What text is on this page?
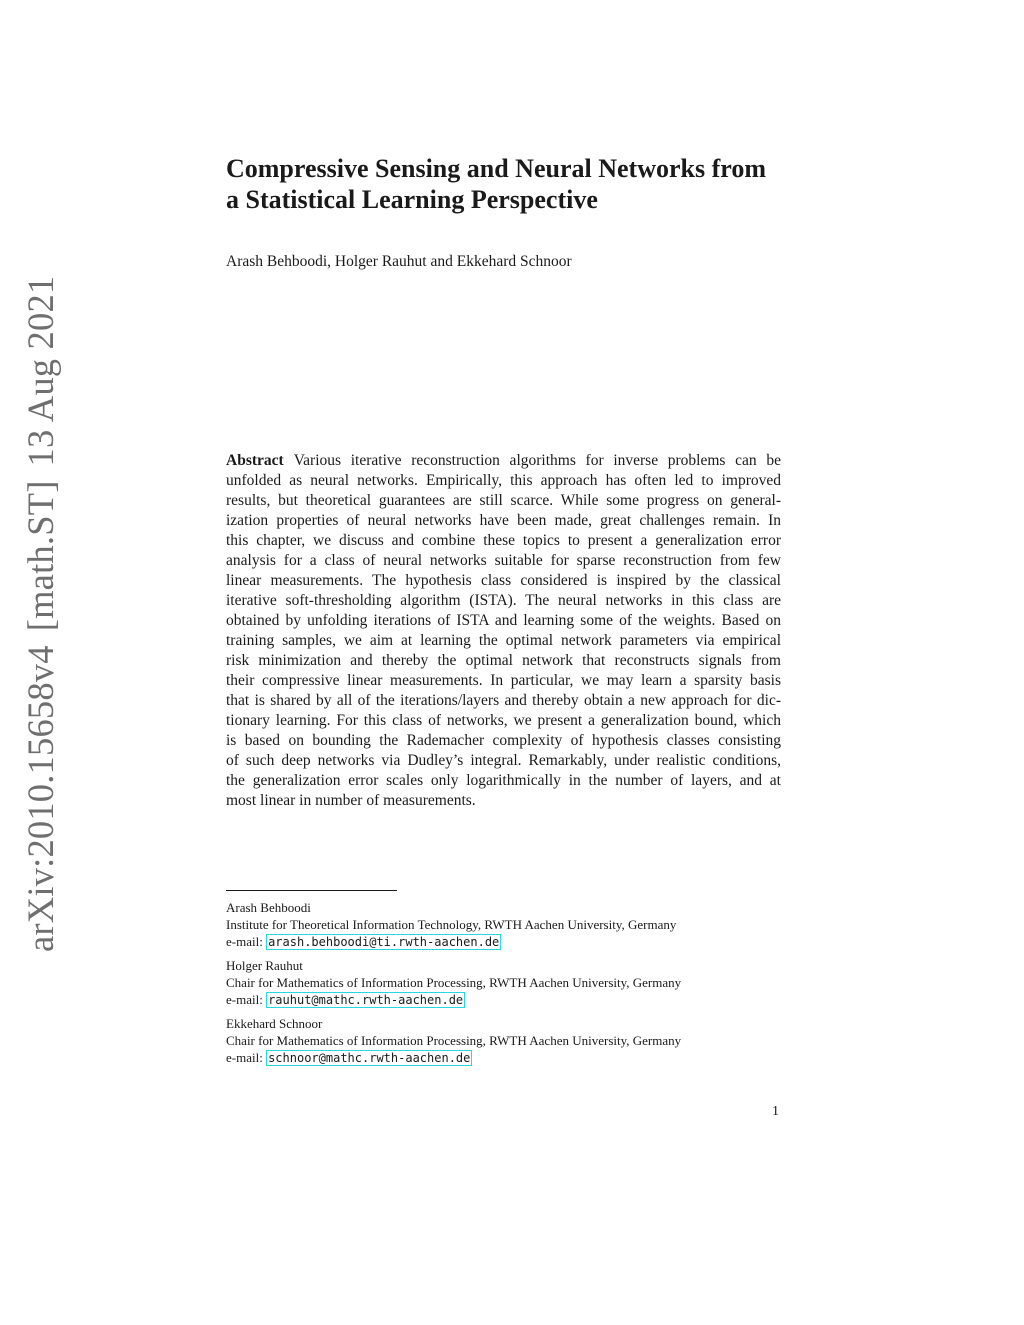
arXiv:2010.15658v4[math.ST]13 Aug 2021
Compressive Sensing and Neural Networks from
a Statistical Learning Perspective
Arash Behboodi, Holger Rauhut and Ekkehard Schnoor
Abstract Various iterative reconstruction algorithms for inverse problems can be
unfolded as neural networks. Empirically, this approach has often led to improved
results, but theoretical guarantees are still scarce. While some progress on general-
ization properties of neural networks have been made, great challenges remain. In
this chapter, we discuss and combine these topics to present a generalization error
analysis for a class of neural networks suitable for sparse reconstruction from few
linear measurements. The hypothesis class considered is inspired by the classical
iterative soft-thresholding algorithm (ISTA). The neural networks in this class are
obtained by unfolding iterations of ISTA and learning some of the weights. Based on
training samples, we aim at learning the optimal network parameters via empirical
risk minimization and thereby the optimal network that reconstructs signals from
their compressive linear measurements. In particular, we may learn a sparsity basis
that is shared by all of the iterations/layers and thereby obtain a new approach for dic-
tionary learning. For this class of networks, we present a generalization bound, which
is based on bounding the Rademacher complexity of hypothesis classes consisting
of such deep networks via Dudley’s integral. Remarkably, under realistic conditions,
the generalization error scales only logarithmically in the number of layers, and at
most linear in number of measurements.
Arash Behboodi
Institute for Theoretical Information Technology, RWTH Aachen University, Germany
e-mail: arash.behboodi@ti.rwth-aachen.de
Holger Rauhut
Chair for Mathematics of Information Processing, RWTH Aachen University, Germany
e-mail: rauhut@mathc.rwth-aachen.de
Ekkehard Schnoor
Chair for Mathematics of Information Processing, RWTH Aachen University, Germany
e-mail: schnoor@mathc.rwth-aachen.de
1
